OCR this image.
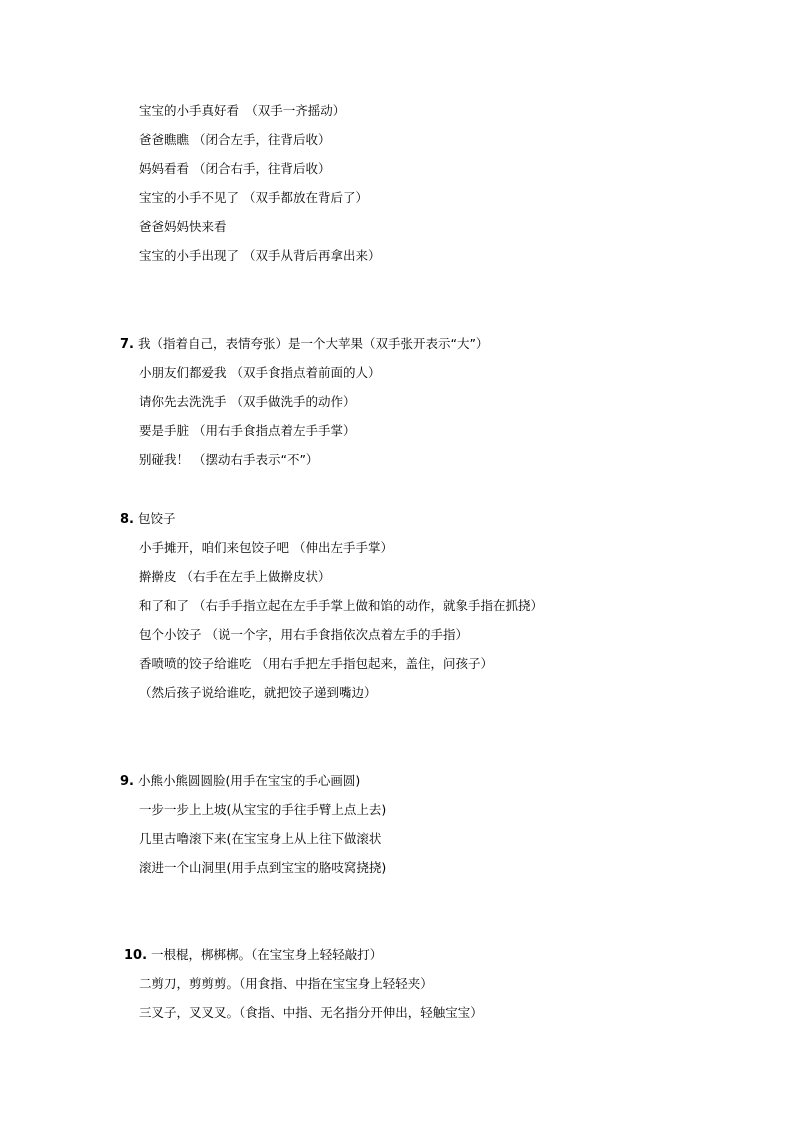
宝宝的小手真好看　（双手一齐摇动）
爸爸瞧瞧 （闭合左手，往背后收）
妈妈看看 （闭合右手，往背后收）
宝宝的小手不见了 （双手都放在背后了）
爸爸妈妈快来看
宝宝的小手出现了 （双手从背后再拿出来）
7. 我（指着自己，表情夸张）是一个大苹果（双手张开表示“大”）
小朋友们都爱我 （双手食指点着前面的人）
请你先去洗洗手 （双手做洗手的动作）
要是手脏 （用右手食指点着左手手掌）
别碰我！ （摆动右手表示“不”）
8. 包饺子
小手摊开，咱们来包饺子吧 （伸出左手手掌）
擀擀皮 （右手在左手上做擀皮状）
和了和了 （右手手指立起在左手手掌上做和馅的动作，就象手指在抓挠）
包个小饺子 （说一个字，用右手食指依次点着左手的手指）
香喷喷的饺子给谁吃 （用右手把左手指包起来，盖住，问孩子）
（然后孩子说给谁吃，就把饺子递到嘴边）
9. 小熊小熊圆圆脸(用手在宝宝的手心画圆)
一步一步上上坡(从宝宝的手往手臂上点上去)
几里古噜滚下来(在宝宝身上从上往下做滚状
滚进一个山洞里(用手点到宝宝的胳吱窝挠挠)
10. 一根棍，梆梆梆。（在宝宝身上轻轻敲打）
二剪刀，剪剪剪。（用食指、中指在宝宝身上轻轻夹）
三叉子，叉叉叉。（食指、中指、无名指分开伸出，轻触宝宝）
